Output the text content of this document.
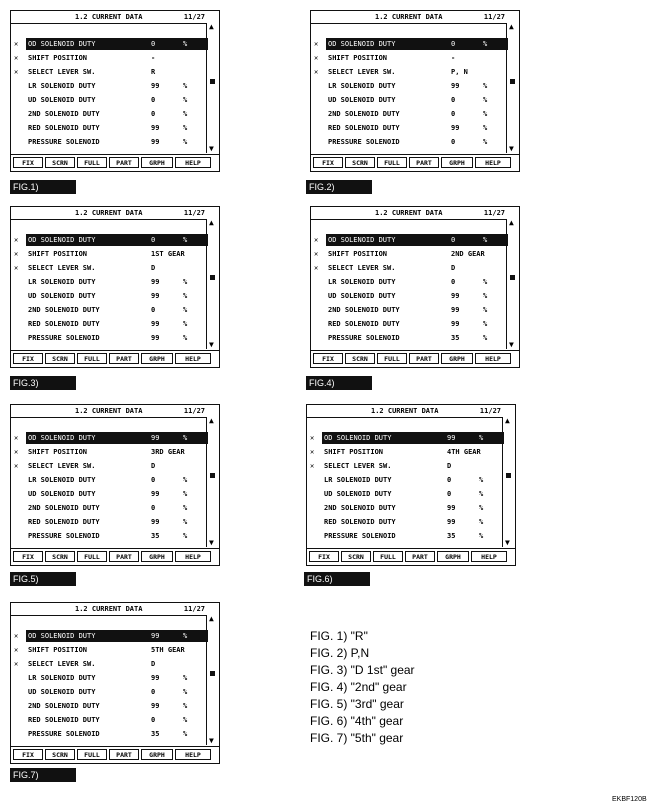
1.2 CURRENT DATA	11/27
▲
▼
✕ OD SOLENOID DUTY	0	%
✕ SHIFT POSITION	-
✕ SELECT LEVER SW.	R
LR SOLENOID DUTY	99	%
UD SOLENOID DUTY	0	%
2ND SOLENOID DUTY	0	%
RED SOLENOID DUTY	99	%
PRESSURE SOLENOID	99	%
FIX	SCRN	FULL	PART	GRPH	HELP
FIG.1)
1.2 CURRENT DATA	11/27
▲
▼
✕ OD SOLENOID DUTY	0	%
✕ SHIFT POSITION	-
✕ SELECT LEVER SW.	P, N
LR SOLENOID DUTY	99	%
UD SOLENOID DUTY	0	%
2ND SOLENOID DUTY	0	%
RED SOLENOID DUTY	99	%
PRESSURE SOLENOID	0	%
FIX	SCRN	FULL	PART	GRPH	HELP
FIG.2)
1.2 CURRENT DATA	11/27
▲
▼
✕ OD SOLENOID DUTY	0	%
✕ SHIFT POSITION	1ST GEAR
✕ SELECT LEVER SW.	D
LR SOLENOID DUTY	99	%
UD SOLENOID DUTY	99	%
2ND SOLENOID DUTY	0	%
RED SOLENOID DUTY	99	%
PRESSURE SOLENOID	99	%
FIX	SCRN	FULL	PART	GRPH	HELP
FIG.3)
1.2 CURRENT DATA	11/27
▲
▼
✕ OD SOLENOID DUTY	0	%
✕ SHIFT POSITION	2ND GEAR
✕ SELECT LEVER SW.	D
LR SOLENOID DUTY	0	%
UD SOLENOID DUTY	99	%
2ND SOLENOID DUTY	99	%
RED SOLENOID DUTY	99	%
PRESSURE SOLENOID	35	%
FIX	SCRN	FULL	PART	GRPH	HELP
FIG.4)
1.2 CURRENT DATA	11/27
▲
▼
✕ OD SOLENOID DUTY	99	%
✕ SHIFT POSITION	3RD GEAR
✕ SELECT LEVER SW.	D
LR SOLENOID DUTY	0	%
UD SOLENOID DUTY	99	%
2ND SOLENOID DUTY	0	%
RED SOLENOID DUTY	99	%
PRESSURE SOLENOID	35	%
FIX	SCRN	FULL	PART	GRPH	HELP
FIG.5)
1.2 CURRENT DATA	11/27
▲
▼
✕ OD SOLENOID DUTY	99	%
✕ SHIFT POSITION	4TH GEAR
✕ SELECT LEVER SW.	D
LR SOLENOID DUTY	0	%
UD SOLENOID DUTY	0	%
2ND SOLENOID DUTY	99	%
RED SOLENOID DUTY	99	%
PRESSURE SOLENOID	35	%
FIX	SCRN	FULL	PART	GRPH	HELP
FIG.6)
1.2 CURRENT DATA	11/27
▲
▼
✕ OD SOLENOID DUTY	99	%
✕ SHIFT POSITION	5TH GEAR
✕ SELECT LEVER SW.	D
LR SOLENOID DUTY	99	%
UD SOLENOID DUTY	0	%
2ND SOLENOID DUTY	99	%
RED SOLENOID DUTY	0	%
PRESSURE SOLENOID	35	%
FIX	SCRN	FULL	PART	GRPH	HELP
FIG.7)
FIG. 1) "R"
FIG. 2) P,N
FIG. 3) "D 1st" gear
FIG. 4) "2nd" gear
FIG. 5) "3rd" gear
FIG. 6) "4th" gear
FIG. 7) "5th" gear
EKBF120B
